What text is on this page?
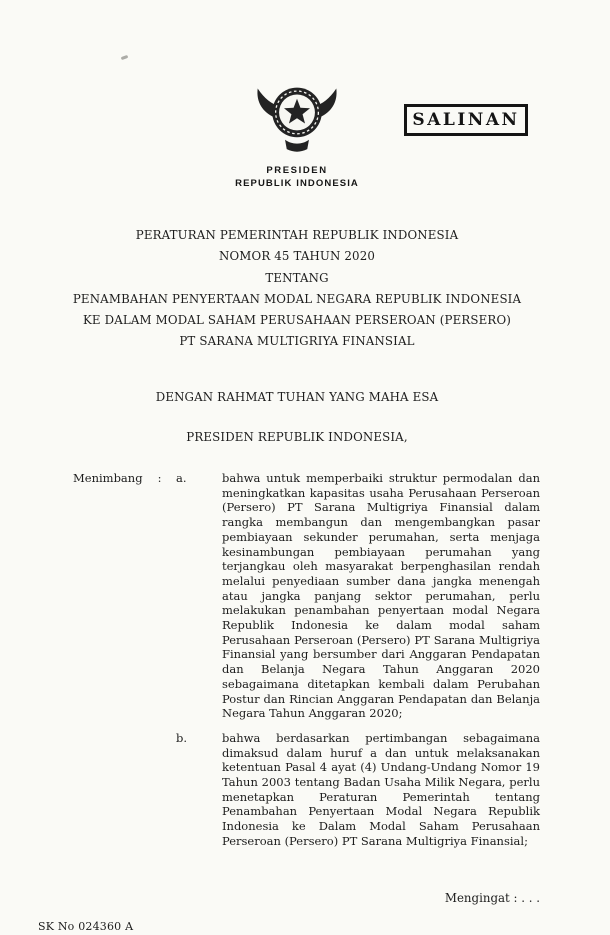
SALINAN
PRESIDEN
REPUBLIK INDONESIA
PERATURAN PEMERINTAH REPUBLIK INDONESIA
NOMOR 45 TAHUN 2020
TENTANG
PENAMBAHAN PENYERTAAN MODAL NEGARA REPUBLIK INDONESIA
KE DALAM MODAL SAHAM PERUSAHAAN PERSEROAN (PERSERO)
PT SARANA MULTIGRIYA FINANSIAL
DENGAN RAHMAT TUHAN YANG MAHA ESA
PRESIDEN REPUBLIK INDONESIA,
Menimbang : a.	bahwa untuk memperbaiki struktur permodalan dan meningkatkan kapasitas usaha Perusahaan Perseroan (Persero) PT Sarana Multigriya Finansial dalam rangka membangun dan mengembangkan pasar pembiayaan sekunder perumahan, serta menjaga kesinambungan pembiayaan perumahan yang terjangkau oleh masyarakat berpenghasilan rendah melalui penyediaan sumber dana jangka menengah atau jangka panjang sektor perumahan, perlu melakukan penambahan penyertaan modal Negara Republik Indonesia ke dalam modal saham Perusahaan Perseroan (Persero) PT Sarana Multigriya Finansial yang bersumber dari Anggaran Pendapatan dan Belanja Negara Tahun Anggaran 2020 sebagaimana ditetapkan kembali dalam Perubahan Postur dan Rincian Anggaran Pendapatan dan Belanja Negara Tahun Anggaran 2020;
b.	bahwa berdasarkan pertimbangan sebagaimana dimaksud dalam huruf a dan untuk melaksanakan ketentuan Pasal 4 ayat (4) Undang-Undang Nomor 19 Tahun 2003 tentang Badan Usaha Milik Negara, perlu menetapkan Peraturan Pemerintah tentang Penambahan Penyertaan Modal Negara Republik Indonesia ke Dalam Modal Saham Perusahaan Perseroan (Persero) PT Sarana Multigriya Finansial;
Mengingat : . . .
SK No 024360 A
